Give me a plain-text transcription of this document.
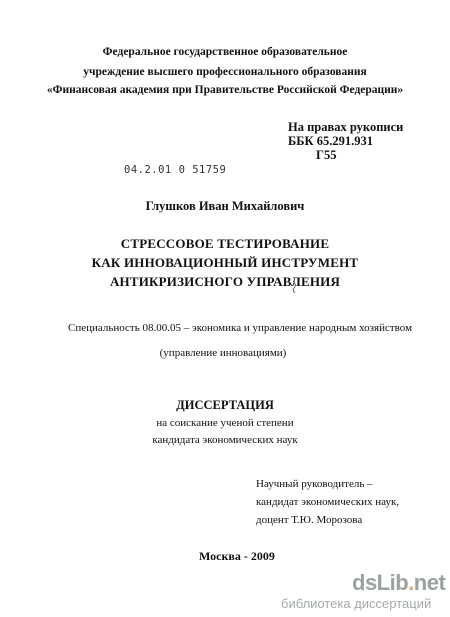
Федеральное государственное образовательное
учреждение высшего профессионального образования
«Финансовая академия при Правительстве Российской Федерации»
На правах рукописи
ББК 65.291.931
Г55
04.2.01 0 51759
Глушков Иван Михайлович
СТРЕССОВОЕ ТЕСТИРОВАНИЕ
КАК ИННОВАЦИОННЫЙ ИНСТРУМЕНТ
АНТИКРИЗИСНОГО УПРАВЛЕНИЯ
Специальность 08.00.05 – экономика и управление народным хозяйством
(управление инновациями)
ДИССЕРТАЦИЯ
на соискание ученой степени
кандидата экономических наук
Научный руководитель –
кандидат экономических наук,
доцент Т.Ю. Морозова
Москва - 2009
dsLib.net
библиотека диссертаций
